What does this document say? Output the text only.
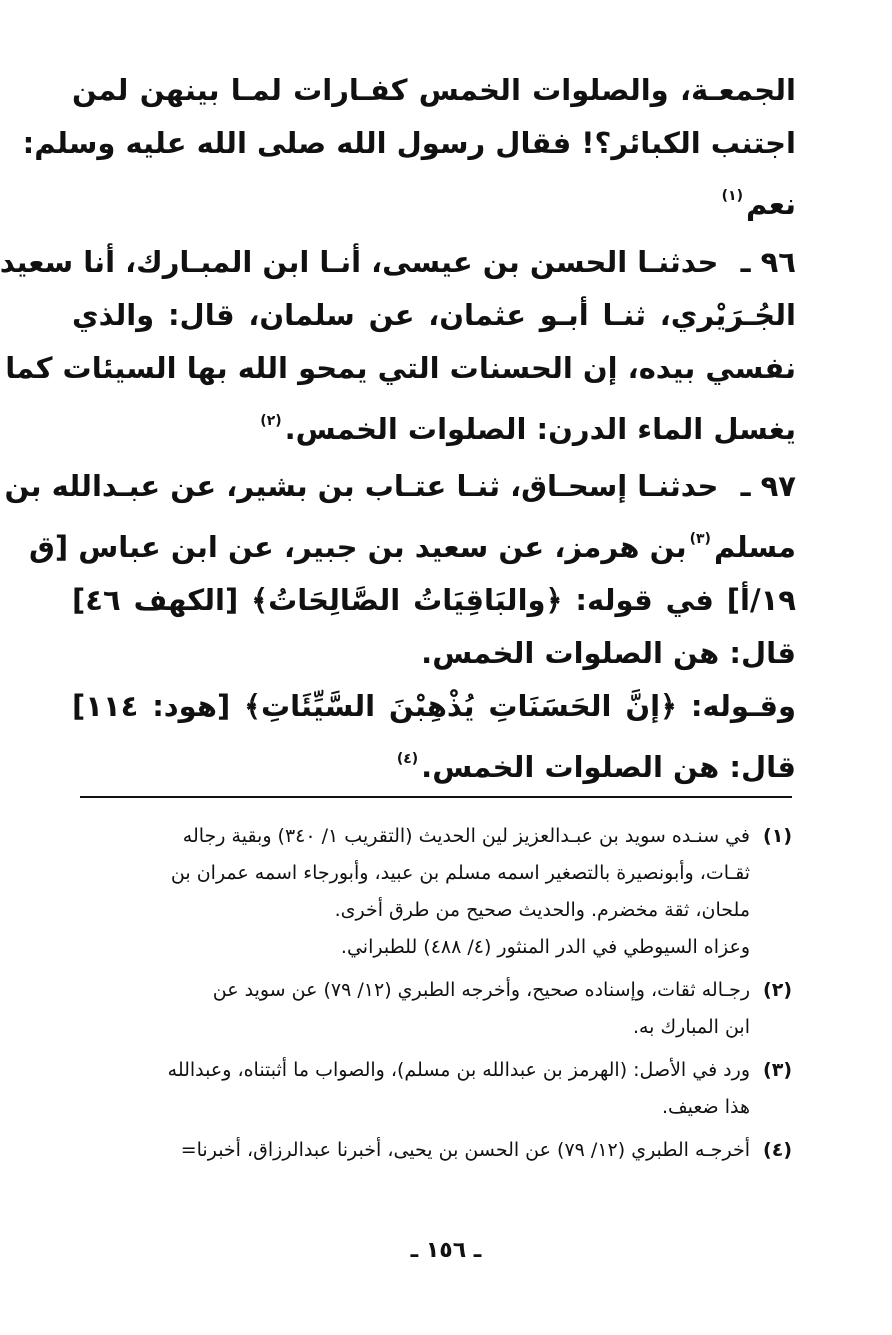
الجمعـة، والصلوات الخمس كفـارات لمـا بينهن لمن
اجتنب الكبائر؟! فقال رسول الله صلى الله عليه وسلم:
نعم$^{(١)}$
٩٦ ـ حدثنـا الحسن بن عيسى، أنـا ابن المبـارك، أنا سعيد
الجُـرَيْري، ثنـا أبـو عثمان، عن سلمان، قال: والذي
نفسي بيده، إن الحسنات التي يمحو الله بها السيئات كما
يغسل الماء الدرن: الصلوات الخمس.$^{(٢)}$
٩٧ ـ حدثنـا إسحـاق، ثنـا عتـاب بن بشير، عن عبـدالله بن
مسلم$^{(٣)}$بن هرمز، عن سعيد بن جبير، عن ابن عباس [ق
١٩/أ] في قوله: ﴿والبَاقِيَاتُ الصَّالِحَاتُ﴾ [الكهف ٤٦]
قال: هن الصلوات الخمس.
وقـوله: ﴿إنَّ الحَسَنَاتِ يُذْهِبْنَ السَّيِّئَاتِ﴾ [هود: ١١٤]
قال: هن الصلوات الخمس.$^{(٤)}$
(١)
في سنـده سويد بن عبـدالعزيز لين الحديث (التقريب ١/ ٣٤٠) وبقية رجاله
ثقـات، وأبونصيرة بالتصغير اسمه مسلم بن عبيد، وأبورجاء اسمه عمران بن
ملحان، ثقة مخضرم. والحديث صحيح من طرق أخرى.
وعزاه السيوطي في الدر المنثور (٤/ ٤٨٨) للطبراني.
(٢)
رجـاله ثقات، وإسناده صحيح، وأخرجه الطبري (١٢/ ٧٩) عن سويد عن
ابن المبارك به.
(٣)
ورد في الأصل: (الهرمز بن عبدالله بن مسلم)، والصواب ما أثبتناه، وعبدالله
هذا ضعيف.
(٤)
أخرجـه الطبري (١٢/ ٧٩) عن الحسن بن يحيى، أخبرنا عبدالرزاق، أخبرنا=
ـ ١٥٦ ـ
